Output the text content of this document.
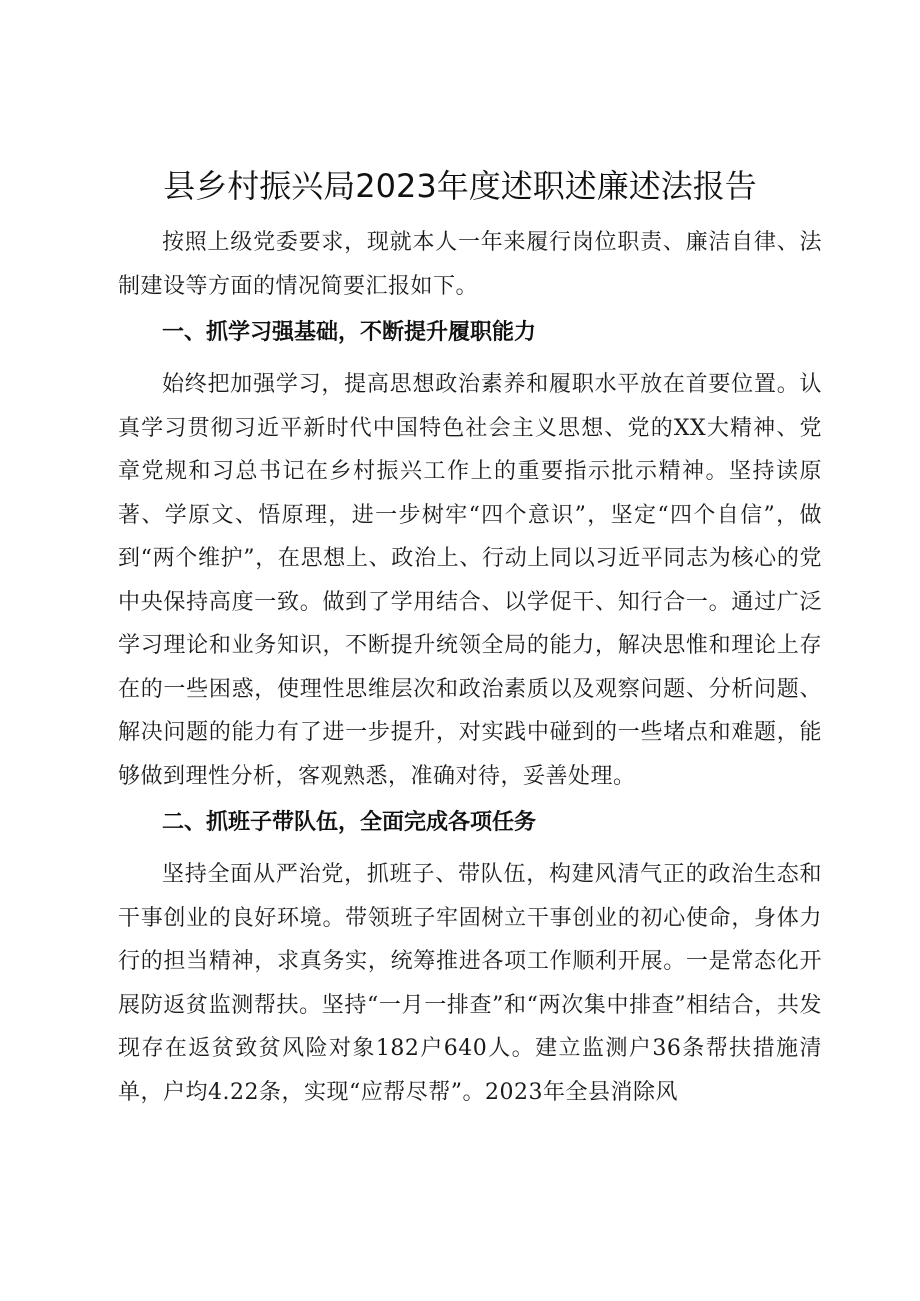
县乡村振兴局2023年度述职述廉述法报告

按照上级党委要求，现就本人一年来履行岗位职责、廉洁自律、法制建设等方面的情况简要汇报如下。

一、抓学习强基础，不断提升履职能力

始终把加强学习，提高思想政治素养和履职水平放在首要位置。认真学习贯彻习近平新时代中国特色社会主义思想、党的XX大精神、党章党规和习总书记在乡村振兴工作上的重要指示批示精神。坚持读原著、学原文、悟原理，进一步树牢“四个意识”，坚定“四个自信”，做到“两个维护”，在思想上、政治上、行动上同以习近平同志为核心的党中央保持高度一致。做到了学用结合、以学促干、知行合一。通过广泛学习理论和业务知识，不断提升统领全局的能力，解决思惟和理论上存在的一些困惑，使理性思维层次和政治素质以及观察问题、分析问题、解决问题的能力有了进一步提升，对实践中碰到的一些堵点和难题，能够做到理性分析，客观熟悉，准确对待，妥善处理。

二、抓班子带队伍，全面完成各项任务

坚持全面从严治党，抓班子、带队伍，构建风清气正的政治生态和干事创业的良好环境。带领班子牢固树立干事创业的初心使命，身体力行的担当精神，求真务实，统筹推进各项工作顺利开展。一是常态化开展防返贫监测帮扶。坚持“一月一排查”和“两次集中排查”相结合，共发现存在返贫致贫风险对象182户640人。建立监测户36条帮扶措施清单，户均4.22条，实现“应帮尽帮”。2023年全县消除风
